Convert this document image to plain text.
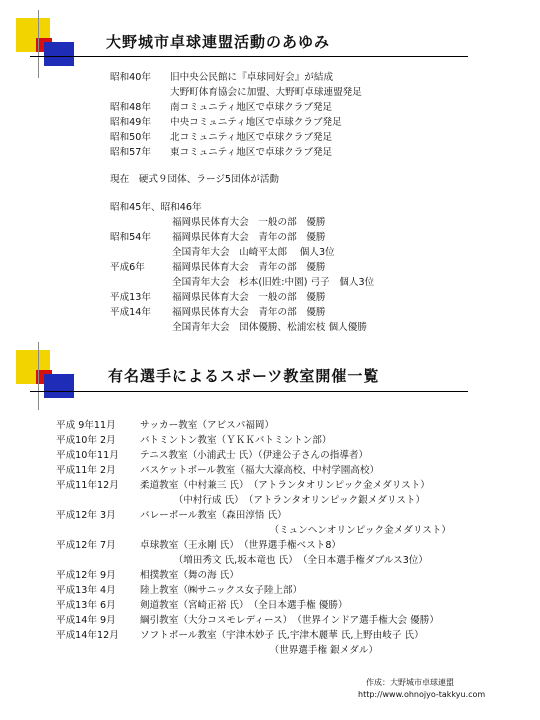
大野城市卓球連盟活動のあゆみ
昭和40年 旧中央公民館に『卓球同好会』が結成
大野町体育協会に加盟、大野町卓球連盟発足
昭和48年 南コミュニティ地区で卓球クラブ発足
昭和49年 中央コミュニティ地区で卓球クラブ発足
昭和50年 北コミュニティ地区で卓球クラブ発足
昭和57年 東コミュニティ地区で卓球クラブ発足
現在　硬式９団体、ラージ5団体が活動
昭和45年、昭和46年
福岡県民体育大会　一般の部　優勝
昭和54年 福岡県民体育大会　青年の部　優勝
全国青年大会　山崎平太郎　 個人3位
平成6年	福岡県民体育大会　青年の部　優勝
全国青年大会　杉本(旧姓:中園) 弓子　個人3位
平成13年 福岡県民体育大会　一般の部　優勝
平成14年 福岡県民体育大会　青年の部　優勝
全国青年大会　団体優勝、松浦宏枝 個人優勝
有名選手によるスポーツ教室開催一覧
平成 9年11月	サッカー教室（アビスパ福岡）
平成10年 2月	バトミントン教室（ＹＫＫバトミントン部）
平成10年11月 テニス教室（小浦武士 氏）（伊達公子さんの指導者）
平成11年 2月	バスケットボール教室（福大大濠高校、中村学園高校）
平成11年12月 柔道教室（中村兼三 氏）　（アトランタオリンピック金メダリスト）
　　　　（中村行成 氏）　（アトランタオリンピック銀メダリスト）
平成12年 3月	バレーボール教室（森田淳悟 氏）
　　　　　　　　　　　　　　（ミュンヘンオリンピック金メダリスト）
平成12年 7月	卓球教室（王永剛 氏）　（世界選手権ベスト8）
　　　　（増田秀文 氏,坂本竜也 氏）　（全日本選手権ダブルス3位）
平成12年 9月	相撲教室（舞の海 氏）
平成13年 4月	陸上教室（㈱サニックス女子陸上部）
平成13年 6月	剣道教室（宮崎正裕 氏）　（全日本選手権 優勝）
平成14年 9月	綱引教室（大分コスモレディース）　（世界インドア選手権大会 優勝）
平成14年12月 ソフトボール教室（宇津木妙子 氏,宇津木麗華 氏,上野由岐子 氏）
　　　　　　　　　　　　　　（世界選手権 銀メダル）
作成：大野城市卓球連盟
http://www.ohnojyo-takkyu.com
